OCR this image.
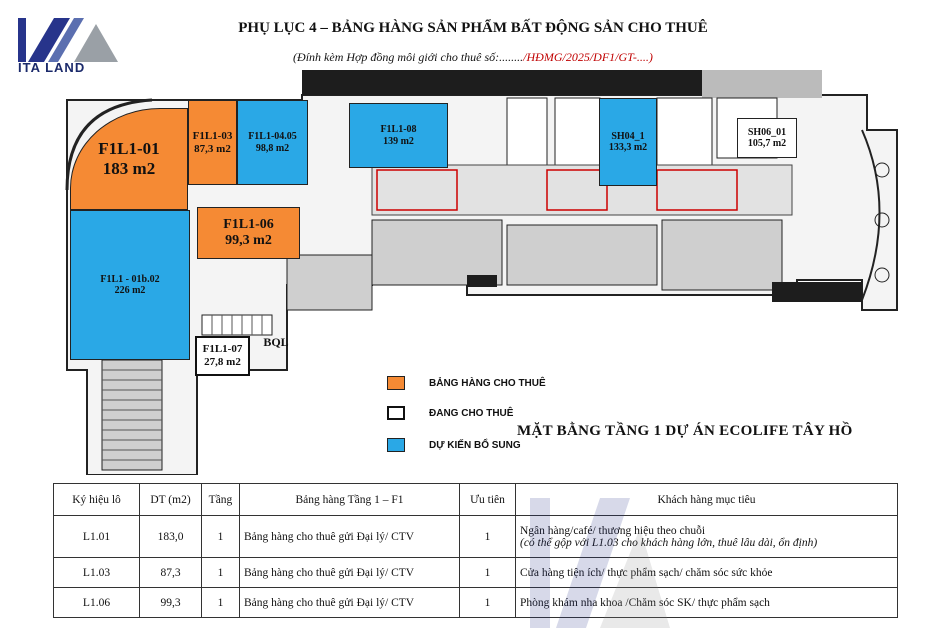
ITA LAND
PHỤ LỤC 4 – BẢNG HÀNG SẢN PHẨM BẤT ĐỘNG SẢN CHO THUÊ
(Đính kèm Hợp đồng môi giới cho thuê số:......../HĐMG/2025/DF1/GT-....)
F1L1-01
183 m2
F1L1-03
87,3 m2
F1L1-04.05
98,8 m2
F1L1-08
139 m2	SH04_1
133,3 m2
SH06_01
105,7 m2
F1L1-06
99,3 m2
F1L1 - 01b.02
226 m2
F1L1-07
27,8 m2
BQL
MẶT BẰNG TẦNG 1 DỰ ÁN ECOLIFE TÂY HỒ
BẢNG HÀNG CHO THUÊ
ĐANG CHO THUÊ
DỰ KIẾN BỔ SUNG
Ký hiệu lô	DT (m2)	Tầng	Bảng hàng Tầng 1 – F1	Ưu tiên	Khách hàng mục tiêu
L1.01	183,0	1	Bảng hàng cho thuê gửi Đại lý/ CTV	1	Ngân hàng/café/ thương hiệu theo chuỗi
(có thể gộp với L1.03 cho khách hàng lớn, thuê lâu dài, ổn định)

L1.03	87,3	1	Bảng hàng cho thuê gửi Đại lý/ CTV	1	Cửa hàng tiện ích/ thực phẩm sạch/ chăm sóc sức khỏe
L1.06	99,3	1	Bảng hàng cho thuê gửi Đại lý/ CTV	1	Phòng khám nha khoa /Chăm sóc SK/ thực phẩm sạch
